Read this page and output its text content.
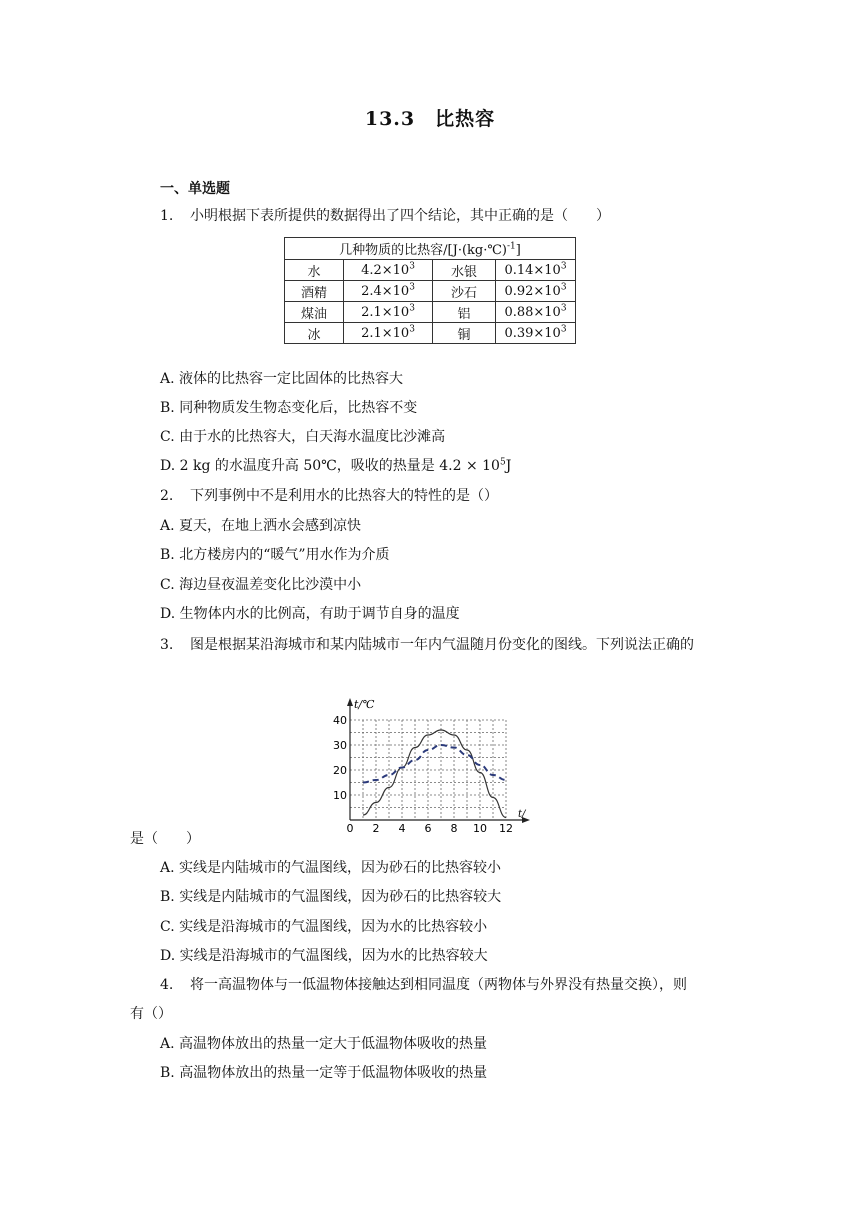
13.3　比热容
一、单选题
1. 小明根据下表所提供的数据得出了四个结论，其中正确的是（　　）
几种物质的比热容/[J·(kg·℃)$^{-1}$]			
水	$4.2\times 10^3$	水银	$0.14\times 10^3$
酒精	$2.4\times 10^3$	沙石	$0.92\times 10^3$
煤油	$2.1\times 10^3$	铝	$0.88\times 10^3$
冰	$2.1\times 10^3$	铜	$0.39\times 10^3$
A. 液体的比热容一定比固体的比热容大
B. 同种物质发生物态变化后，比热容不变
C. 由于水的比热容大，白天海水温度比沙滩高
D. 2 kg 的水温度升高 50℃，吸收的热量是 $4.2 \times 10^5J$
2. 下列事例中不是利用水的比热容大的特性的是（）
A. 夏天，在地上洒水会感到凉快
B. 北方楼房内的“暖气”用水作为介质
C. 海边昼夜温差变化比沙漠中小
D. 生物体内水的比例高，有助于调节自身的温度
3. 图是根据某沿海城市和某内陆城市一年内气温随月份变化的图线。下列说法正确的
t/℃
t/
0 2 4 6 8 10 12
10
20
30
40
是（　　）
A. 实线是内陆城市的气温图线，因为砂石的比热容较小
B. 实线是内陆城市的气温图线，因为砂石的比热容较大
C. 实线是沿海城市的气温图线，因为水的比热容较小
D. 实线是沿海城市的气温图线，因为水的比热容较大
4. 将一高温物体与一低温物体接触达到相同温度（两物体与外界没有热量交换），则
有（）
A. 高温物体放出的热量一定大于低温物体吸收的热量
B. 高温物体放出的热量一定等于低温物体吸收的热量
